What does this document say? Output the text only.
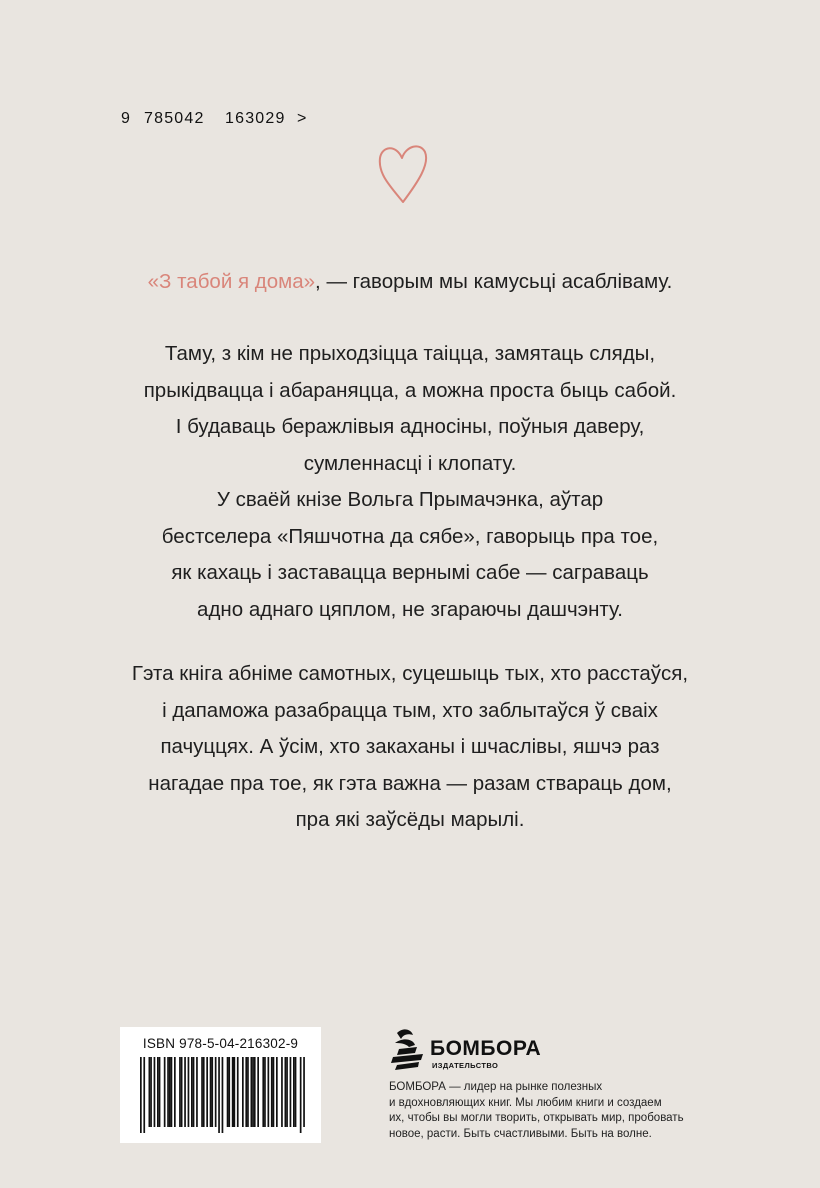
«З табой я дома», — гаворым мы камусьці асабліваму.
Таму, з кім не прыходзіцца таіцца, замятаць сляды,
прыкідвацца і абараняцца, а можна проста быць сабой.
І будаваць беражлівыя адносіны, поўныя даверу,
сумленнасці і клопату.
У сваёй кнізе Вольга Прымачэнка, аўтар
бестселера «Пяшчотна да сябе», гаворыць пра тое,
як кахаць і заставацца вернымі сабе — саграваць
адно аднаго цяплом, не згараючы дашчэнту.
Гэта кніга абніме самотных, суцешыць тых, хто расстаўся,
і дапаможа разабрацца тым, хто заблытаўся ў сваіх
пачуццях. А ўсім, хто закаханы і шчаслівы, яшчэ раз
нагадае пра тое, як гэта важна — разам ствараць дом,
пра які заўсёды марылі.
ISBN 978-5-04-216302-9
9 785042 163029 >
БОМБОРА
ИЗДАТЕЛЬСТВО
БОМБОРА — лидер на рынке полезных
и вдохновляющих книг. Мы любим книги и создаем
их, чтобы вы могли творить, открывать мир, пробовать
новое, расти. Быть счастливыми. Быть на волне.
